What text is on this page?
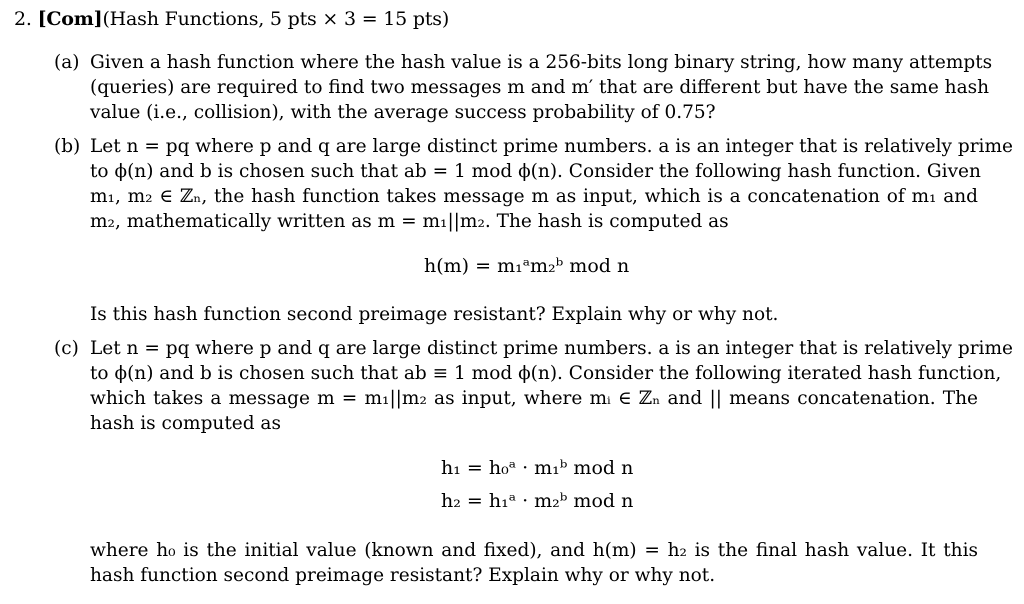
2. [Com](Hash Functions, 5 pts × 3 = 15 pts)
(a) Given a hash function where the hash value is a 256-bits long binary string, how many attempts
(queries) are required to find two messages m and m′ that are different but have the same hash
value (i.e., collision), with the average success probability of 0.75?
(b) Let n = pq where p and q are large distinct prime numbers. a is an integer that is relatively prime
to ϕ(n) and b is chosen such that ab = 1 mod ϕ(n). Consider the following hash function. Given
m₁, m₂ ∈ ℤₙ, the hash function takes message m as input, which is a concatenation of m₁ and
m₂, mathematically written as m = m₁||m₂. The hash is computed as
h(m) = m₁ᵃm₂ᵇ mod n
Is this hash function second preimage resistant? Explain why or why not.
(c) Let n = pq where p and q are large distinct prime numbers. a is an integer that is relatively prime
to ϕ(n) and b is chosen such that ab ≡ 1 mod ϕ(n). Consider the following iterated hash function,
which takes a message m = m₁||m₂ as input, where mᵢ ∈ ℤₙ and || means concatenation. The
hash is computed as
h₁ = h₀ᵃ · m₁ᵇ mod n
h₂ = h₁ᵃ · m₂ᵇ mod n
where h₀ is the initial value (known and fixed), and h(m) = h₂ is the final hash value. It this
hash function second preimage resistant? Explain why or why not.
